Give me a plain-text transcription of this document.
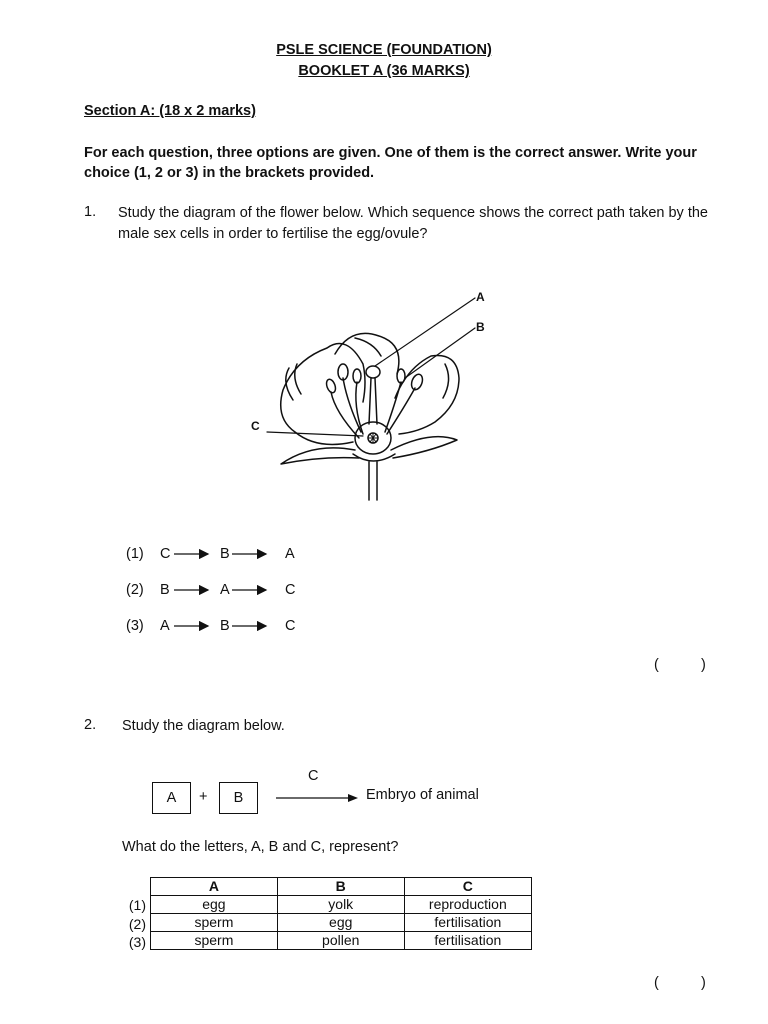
PSLE SCIENCE (FOUNDATION)
BOOKLET A (36 MARKS)
Section A: (18 x 2 marks)
For each question, three options are given. One of them is the correct answer. Write your choice (1, 2 or 3) in the brackets provided.
1. Study the diagram of the flower below. Which sequence shows the correct path taken by the male sex cells in order to fertilise the egg/ovule?
A
B
C
(1) C	B	A
(2) B	A	C
(3) A	B	C
(	)
2. Study the diagram below.
A	+	B
C
Embryo of animal
What do the letters, A, B and C, represent?
(1)
(2)
(3)
A	B	C
egg	yolk	reproduction
sperm	egg	fertilisation
sperm	pollen	fertilisation
(	)
